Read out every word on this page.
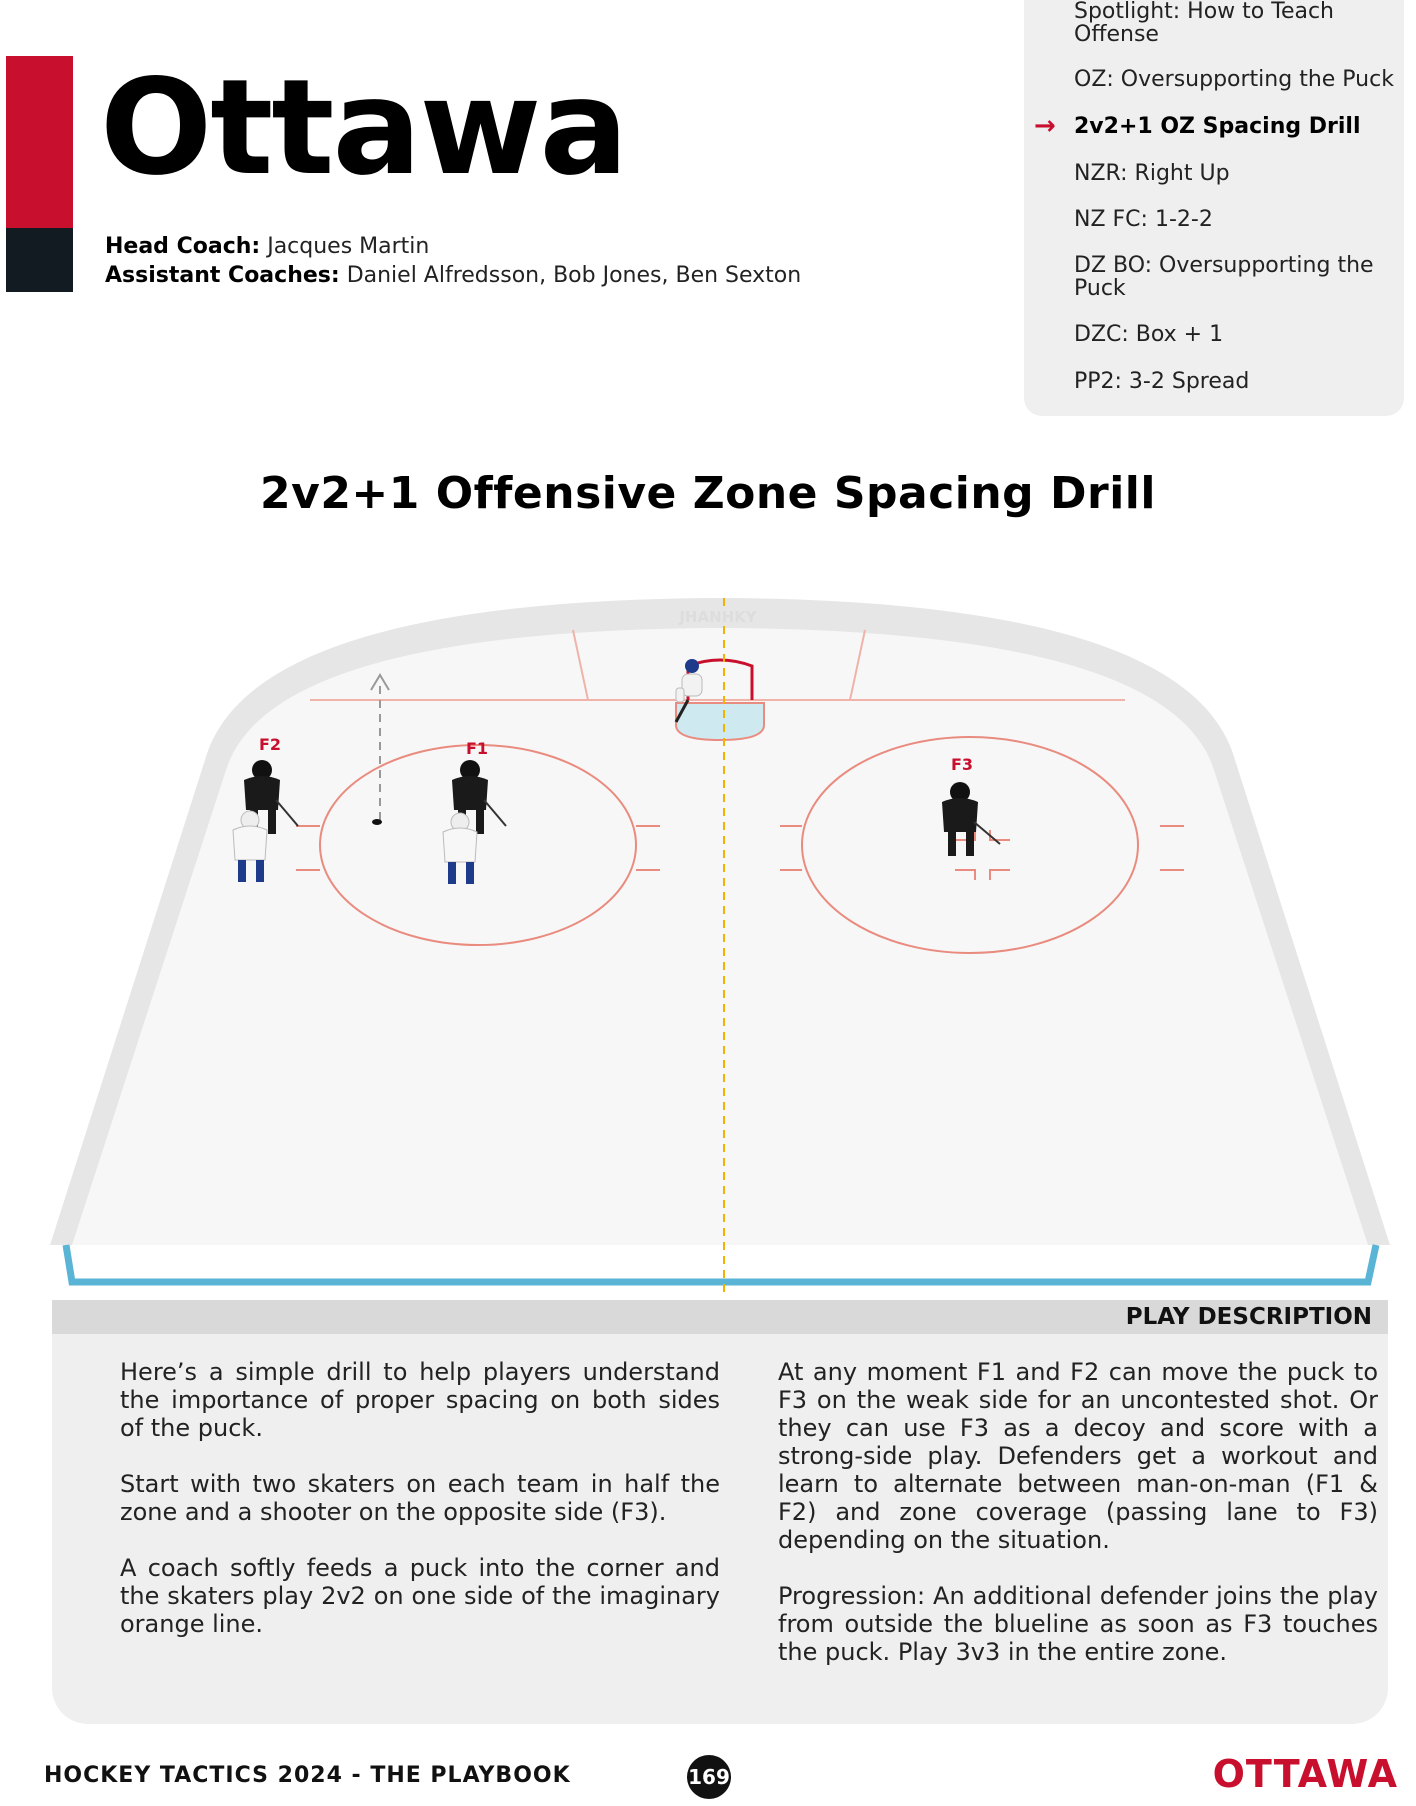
Ottawa
Head Coach: Jacques Martin
Assistant Coaches: Daniel Alfredsson, Bob Jones, Ben Sexton
Spotlight: How to Teach Offense
OZ: Oversupporting the Puck
→ 2v2+1 OZ Spacing Drill
NZR: Right Up
NZ FC: 1-2-2
DZ BO: Oversupporting the Puck
DZC: Box + 1
PP2: 3-2 Spread
2v2+1 Offensive Zone Spacing Drill
JHANHKY
F2	F1
F3
PLAY DESCRIPTION

Here’s a simple drill to help players understand the importance of proper spacing on both sides of the puck.

Start with two skaters on each team in half the zone and a shooter on the opposite side (F3).

A coach softly feeds a puck into the corner and the skaters play 2v2 on one side of the imaginary orange line.

At any moment F1 and F2 can move the puck to F3 on the weak side for an uncontested shot. Or they can use F3 as a decoy and score with a strong-side play. Defenders get a workout and learn to alternate between man-on-man (F1 & F2) and zone coverage (passing lane to F3) depending on the situation.

Progression: An additional defender joins the play from outside the blueline as soon as F3 touches the puck. Play 3v3 in the entire zone.

HOCKEY TACTICS 2024 - THE PLAYBOOK	169	OTTAWA
